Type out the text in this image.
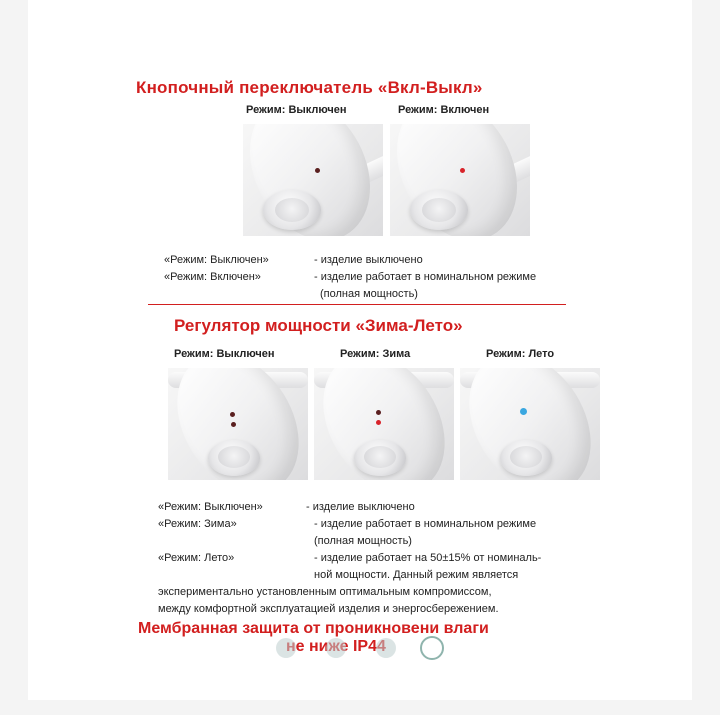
Кнопочный переключатель «Вкл-Выкл»
Режим: Выключен	Режим: Включен
«Режим: Выключен»	- изделие выключено
«Режим: Включен»	- изделие работает в номинальном режиме
(полная мощность)
Регулятор мощности «Зима-Лето»
Режим: Выключен	Режим: Зима	Режим: Лето
«Режим: Выключен»	- изделие выключено
«Режим: Зима»	- изделие работает в номинальном режиме
(полная мощность)
«Режим: Лето»	- изделие работает на 50±15% от номиналь-
ной мощности. Данный режим является
экспериментально установленным оптимальным компромиссом,
между комфортной эксплуатацией изделия и энергосбережением.
Мембранная защита от проникновени влаги
IP44
